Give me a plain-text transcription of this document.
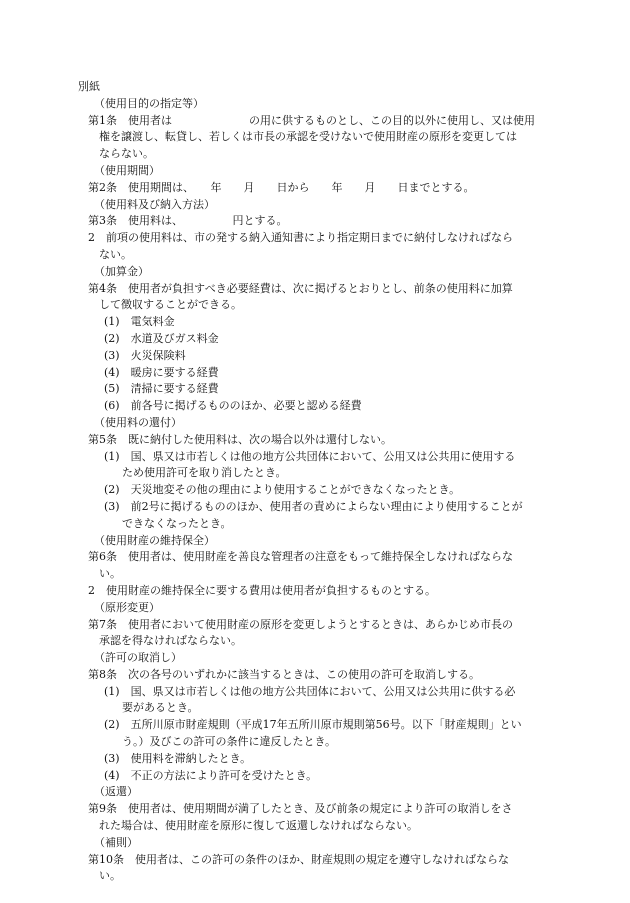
別紙

（使用目的の指定等）

第1条　使用者は　　　　　　　の用に供するものとし、この目的以外に使用し、又は使用

権を譲渡し、転貸し、若しくは市長の承認を受けないで使用財産の原形を変更しては

ならない。

（使用期間）

第2条　使用期間は、　　年　　月　　日から　　年　　月　　日までとする。

（使用料及び納入方法）

第3条　使用料は、　　　　　円とする。

2　前項の使用料は、市の発する納入通知書により指定期日までに納付しなければなら

ない。

（加算金）

第4条　使用者が負担すべき必要経費は、次に掲げるとおりとし、前条の使用料に加算

して徴収することができる。

(1)　電気料金

(2)　水道及びガス料金

(3)　火災保険料

(4)　暖房に要する経費

(5)　清掃に要する経費

(6)　前各号に掲げるもののほか、必要と認める経費

（使用料の還付）

第5条　既に納付した使用料は、次の場合以外は還付しない。

(1)　国、県又は市若しくは他の地方公共団体において、公用又は公共用に使用する

ため使用許可を取り消したとき。

(2)　天災地変その他の理由により使用することができなくなったとき。

(3)　前2号に掲げるもののほか、使用者の責めによらない理由により使用することが

できなくなったとき。

（使用財産の維持保全）

第6条　使用者は、使用財産を善良な管理者の注意をもって維持保全しなければならな

い。

2　使用財産の維持保全に要する費用は使用者が負担するものとする。

（原形変更）

第7条　使用者において使用財産の原形を変更しようとするときは、あらかじめ市長の

承認を得なければならない。

（許可の取消し）

第8条　次の各号のいずれかに該当するときは、この使用の許可を取消しする。

(1)　国、県又は市若しくは他の地方公共団体において、公用又は公共用に供する必

要があるとき。

(2)　五所川原市財産規則（平成17年五所川原市規則第56号。以下「財産規則」とい

う。）及びこの許可の条件に違反したとき。

(3)　使用料を滞納したとき。

(4)　不正の方法により許可を受けたとき。

（返還）

第9条　使用者は、使用期間が満了したとき、及び前条の規定により許可の取消しをさ

れた場合は、使用財産を原形に復して返還しなければならない。

（補則）

第10条　使用者は、この許可の条件のほか、財産規則の規定を遵守しなければならな

い。
